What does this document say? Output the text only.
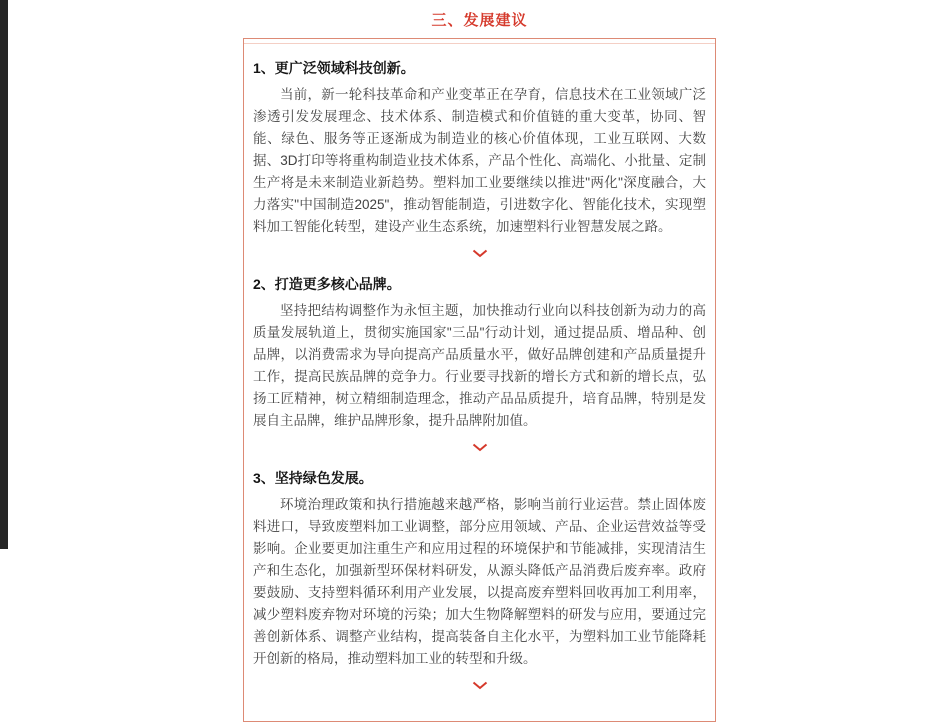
三、发展建议
1、更广泛领域科技创新。

当前，新一轮科技革命和产业变革正在孕育，信息技术在工业领域广泛渗透引发发展理念、技术体系、制造模式和价值链的重大变革，协同、智能、绿色、服务等正逐渐成为制造业的核心价值体现，工业互联网、大数据、3D打印等将重构制造业技术体系，产品个性化、高端化、小批量、定制生产将是未来制造业新趋势。塑料加工业要继续以推进"两化"深度融合，大力落实"中国制造2025"，推动智能制造，引进数字化、智能化技术，实现塑料加工智能化转型，建设产业生态系统，加速塑料行业智慧发展之路。

2、打造更多核心品牌。

坚持把结构调整作为永恒主题，加快推动行业向以科技创新为动力的高质量发展轨道上，贯彻实施国家"三品"行动计划，通过提品质、增品种、创品牌，以消费需求为导向提高产品质量水平，做好品牌创建和产品质量提升工作，提高民族品牌的竞争力。行业要寻找新的增长方式和新的增长点，弘扬工匠精神，树立精细制造理念，推动产品品质提升，培育品牌，特别是发展自主品牌，维护品牌形象，提升品牌附加值。

3、坚持绿色发展。

环境治理政策和执行措施越来越严格，影响当前行业运营。禁止固体废料进口，导致废塑料加工业调整，部分应用领域、产品、企业运营效益等受影响。企业要更加注重生产和应用过程的环境保护和节能减排，实现清洁生产和生态化，加强新型环保材料研发，从源头降低产品消费后废弃率。政府要鼓励、支持塑料循环利用产业发展，以提高废弃塑料回收再加工利用率，减少塑料废弃物对环境的污染；加大生物降解塑料的研发与应用，要通过完善创新体系、调整产业结构，提高装备自主化水平，为塑料加工业节能降耗开创新的格局，推动塑料加工业的转型和升级。
